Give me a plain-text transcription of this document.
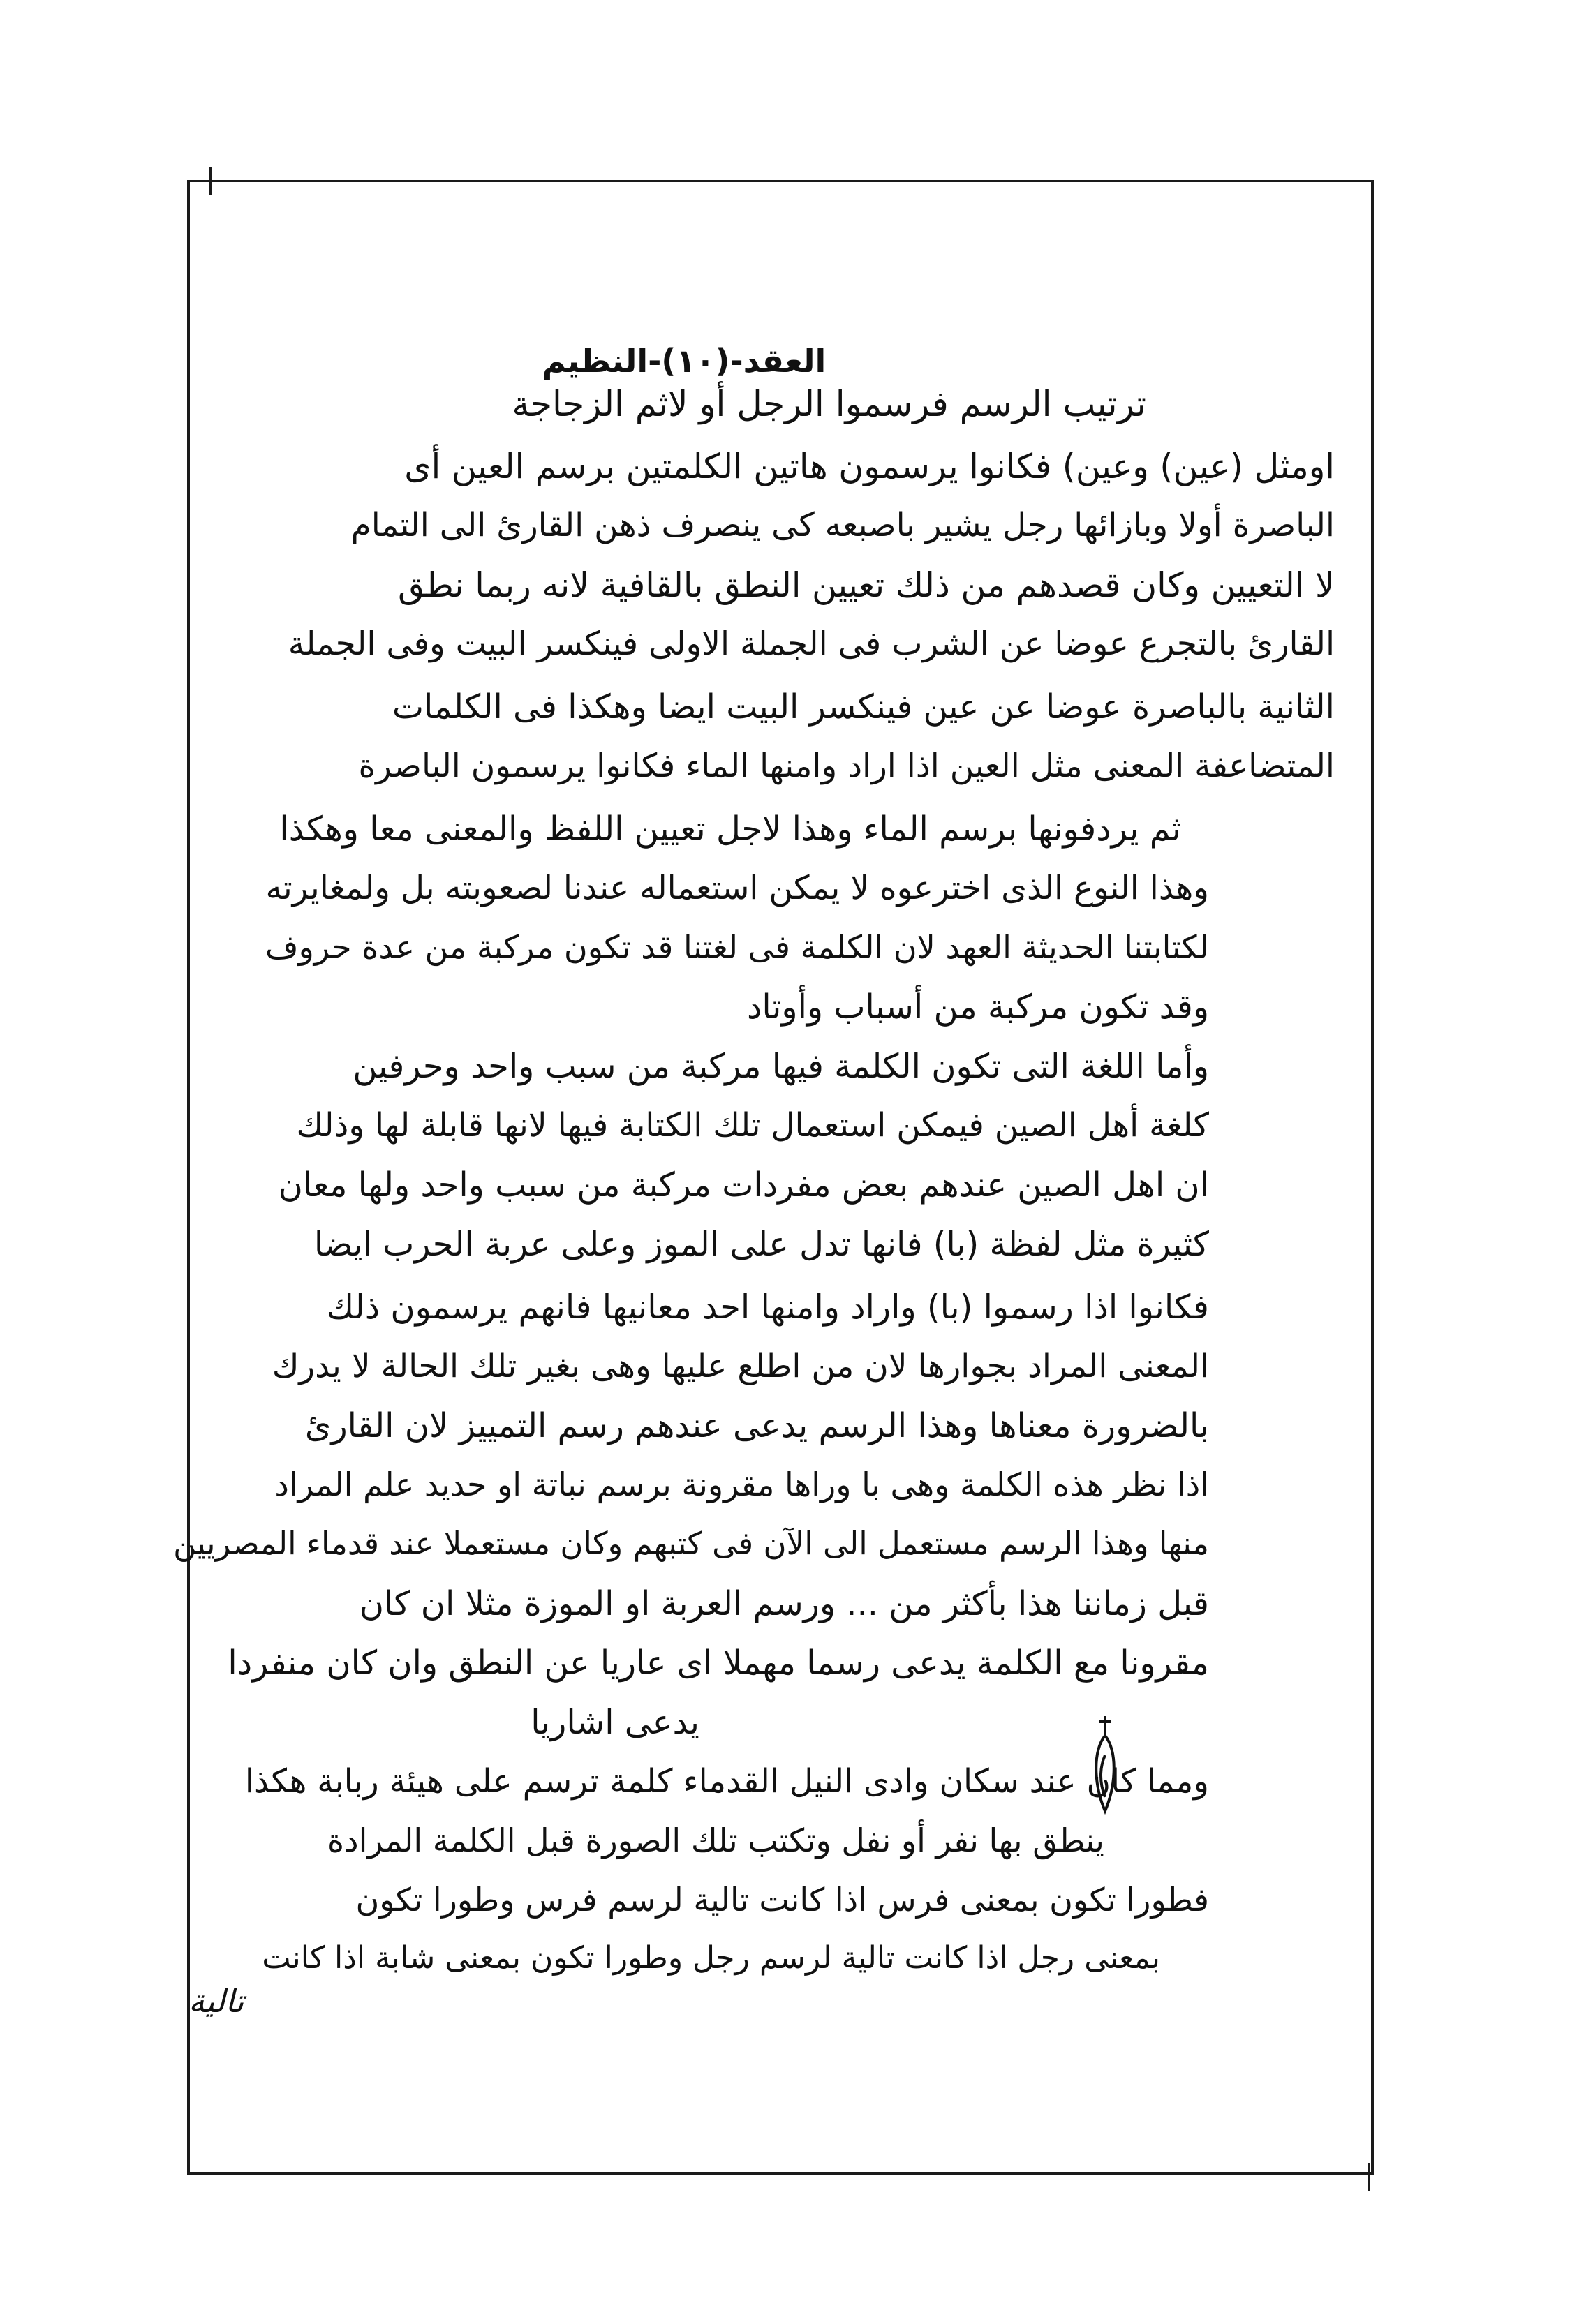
العقد-(١٠)-النظيم
ترتيب الرسم فرسموا الرجل أو لاثم الزجاجة
اومثل (عين) وعين) فكانوا يرسمون هاتين الكلمتين برسم العين أى
الباصرة أولا وبازائها رجل يشير باصبعه كى ينصرف ذهن القارئ الى التمام
لا التعيين وكان قصدهم من ذلك تعيين النطق بالقافية لانه ربما نطق
القارئ بالتجرع عوضا عن الشرب فى الجملة الاولى فينكسر البيت وفى الجملة
الثانية بالباصرة عوضا عن عين فينكسر البيت ايضا وهكذا فى الكلمات
المتضاعفة المعنى مثل العين اذا اراد وامنها الماء فكانوا يرسمون الباصرة
ثم يردفونها برسم الماء وهذا لاجل تعيين اللفظ والمعنى معا وهكذا
وهذا النوع الذى اخترعوه لا يمكن استعماله عندنا لصعوبته بل ولمغايرته
لكتابتنا الحديثة العهد لان الكلمة فى لغتنا قد تكون مركبة من عدة حروف
وقد تكون مركبة من أسباب وأوتاد
وأما اللغة التى تكون الكلمة فيها مركبة من سبب واحد وحرفين
كلغة أهل الصين فيمكن استعمال تلك الكتابة فيها لانها قابلة لها وذلك
ان اهل الصين عندهم بعض مفردات مركبة من سبب واحد ولها معان
كثيرة مثل لفظة (با) فانها تدل على الموز وعلى عربة الحرب ايضا
فكانوا اذا رسموا (با) واراد وامنها احد معانيها فانهم يرسمون ذلك
المعنى المراد بجوارها لان من اطلع عليها وهى بغير تلك الحالة لا يدرك
بالضرورة معناها وهذا الرسم يدعى عندهم رسم التمييز لان القارئ
اذا نظر هذه الكلمة وهى با وراها مقرونة برسم نباتة او حديد علم المراد
منها وهذا الرسم مستعمل الى الآن فى كتبهم وكان مستعملا عند قدماء المصريين
قبل زماننا هذا بأكثر من ... ورسم العربة او الموزة مثلا ان كان
مقرونا مع الكلمة يدعى رسما مهملا اى عاريا عن النطق وان كان منفردا
يدعى اشاريا
ومما كان عند سكان وادى النيل القدماء كلمة ترسم على هيئة ربابة هكذا
ينطق بها نفر أو نفل وتكتب تلك الصورة قبل الكلمة المرادة
فطورا تكون بمعنى فرس اذا كانت تالية لرسم فرس وطورا تكون
بمعنى رجل اذا كانت تالية لرسم رجل وطورا تكون بمعنى شابة اذا كانت
تالية
